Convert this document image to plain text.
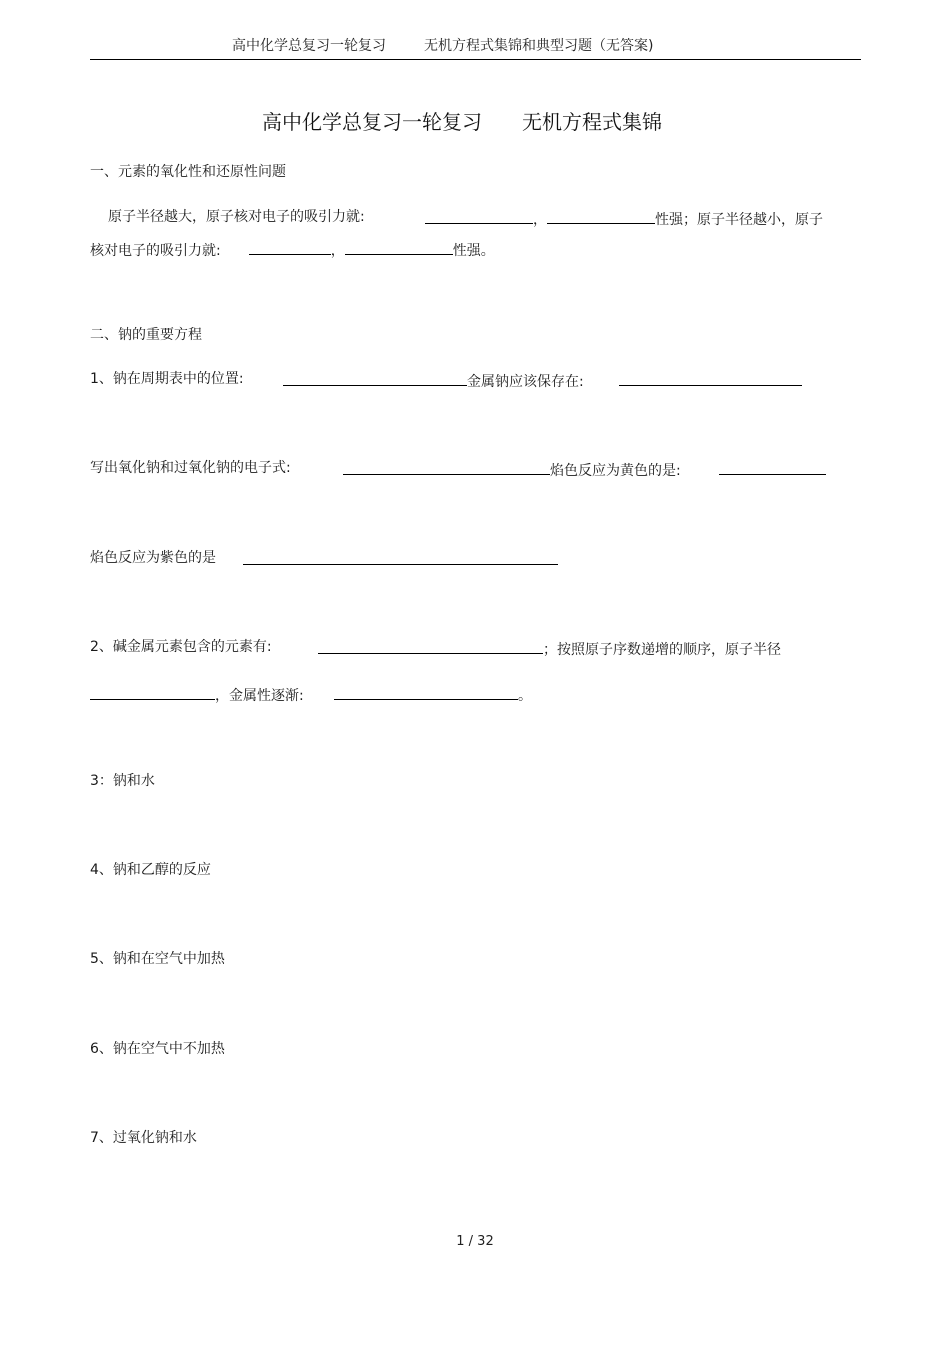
高中化学总复习一轮复习	无机方程式集锦和典型习题（无答案)
高中化学总复习一轮复习 无机方程式集锦
一、元素的氧化性和还原性问题
原子半径越大，原子核对电子的吸引力就:	，	性强；原子半径越小，原子
核对电子的吸引力就:	，	性强。
二、钠的重要方程
1、钠在周期表中的位置:	金属钠应该保存在:
写出氧化钠和过氧化钠的电子式:	焰色反应为黄色的是:
焰色反应为紫色的是
2、碱金属元素包含的元素有:	；按照原子序数递增的顺序，原子半径
，金属性逐渐:	。
3：钠和水
4、钠和乙醇的反应
5、钠和在空气中加热
6、钠在空气中不加热
7、过氧化钠和水
1 / 32
